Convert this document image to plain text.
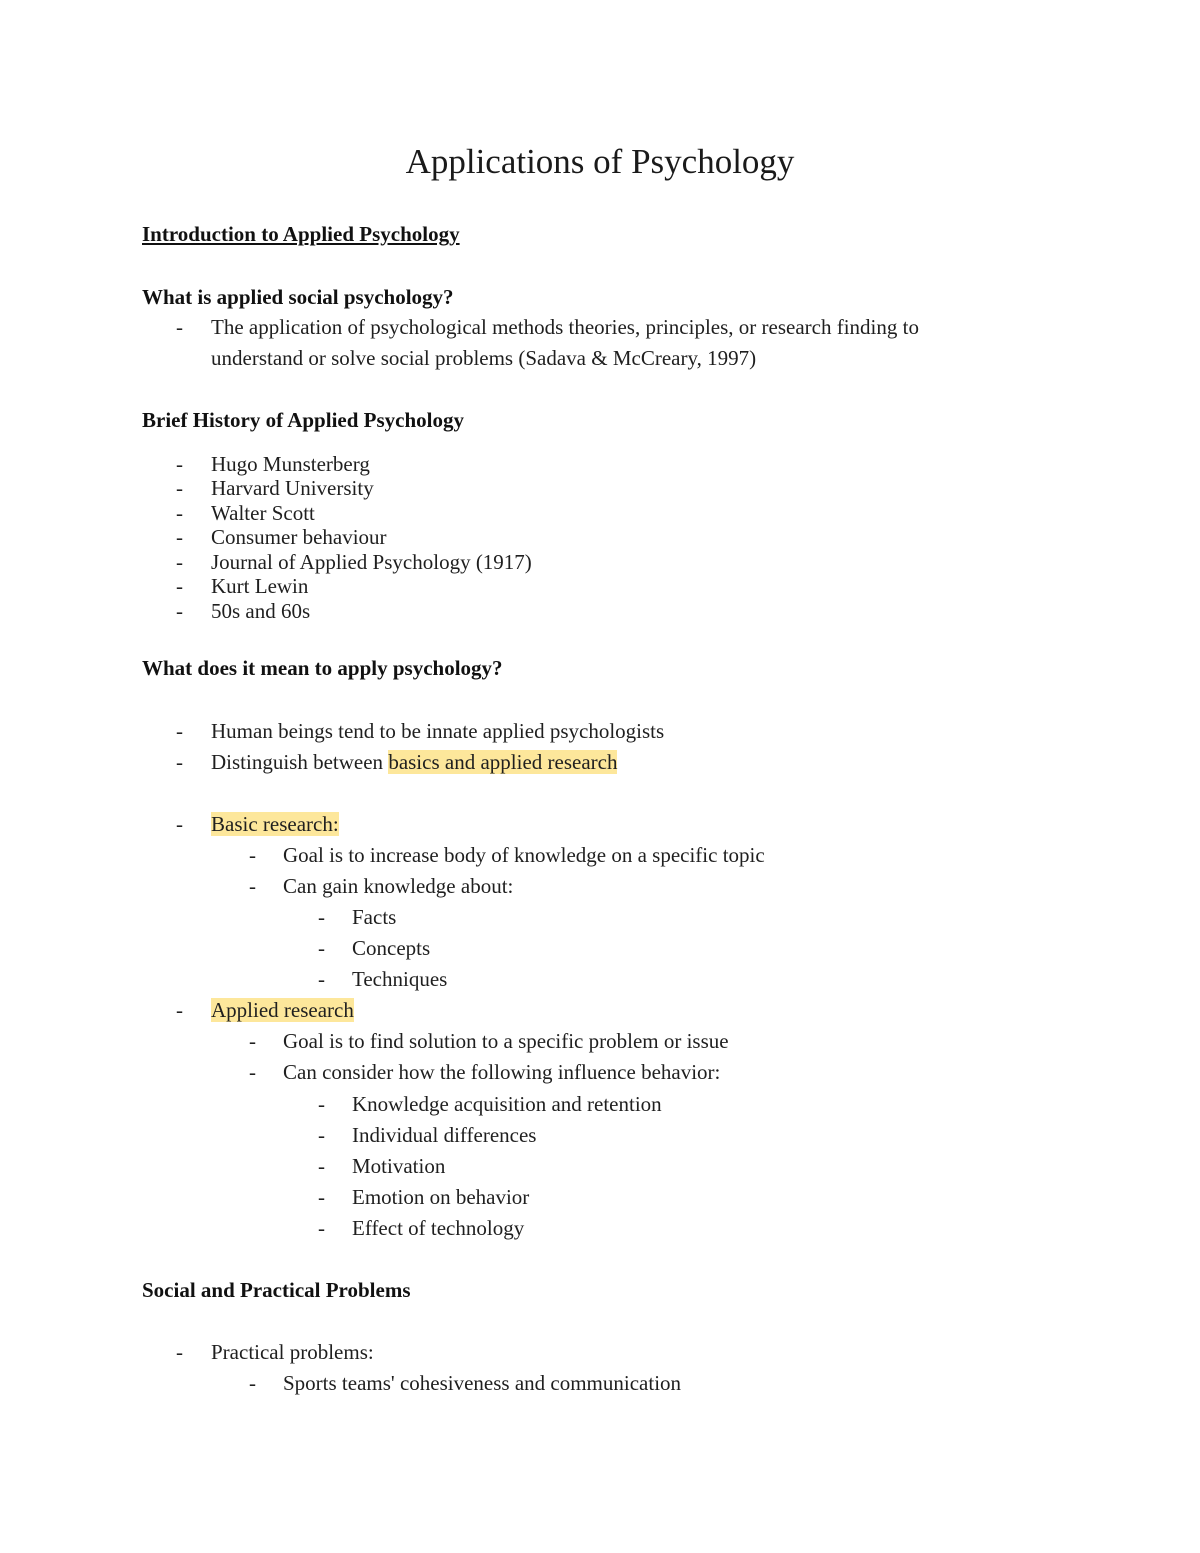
Applications of Psychology
Introduction to Applied Psychology
What is applied social psychology?
- The application of psychological methods theories, principles, or research finding to
understand or solve social problems (Sadava & McCreary, 1997)
Brief History of Applied Psychology
- Hugo Munsterberg
- Harvard University
- Walter Scott
- Consumer behaviour
- Journal of Applied Psychology (1917)
- Kurt Lewin
- 50s and 60s
What does it mean to apply psychology?
- Human beings tend to be innate applied psychologists
- Distinguish between basics and applied research
- Basic research:
- Goal is to increase body of knowledge on a specific topic
- Can gain knowledge about:
- Facts
- Concepts
- Techniques
- Applied research
- Goal is to find solution to a specific problem or issue
- Can consider how the following influence behavior:
- Knowledge acquisition and retention
- Individual differences
- Motivation
- Emotion on behavior
- Effect of technology
Social and Practical Problems
- Practical problems:
- Sports teams' cohesiveness and communication
